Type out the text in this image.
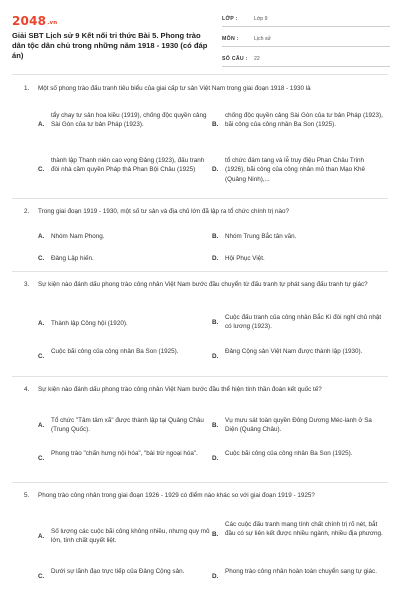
2048.vn
Giải SBT Lịch sử 9 Kết nối tri thức Bài 5. Phong trào dân tộc dân chủ trong những năm 1918 - 1930 (có đáp án)
LỚP :	Lớp 9
MÔN :	Lịch sử
SỐ CÂU :	22
1. Một số phong trào đấu tranh tiêu biểu của giai cấp tư sản Việt Nam trong giai đoạn 1918 - 1930 là
A.
tẩy chay tư sản hoa kiều (1919), chống độc quyền cảng Sài Gòn của tư bản Pháp (1923).	B.
chống độc quyền cảng Sài Gòn của tư bản Pháp (1923), bãi công của công nhân Ba Son (1925).
C.
thành lập Thanh niên cao vọng Đảng (1923), đấu tranh đòi nhà cầm quyền Pháp thả Phan Bội Châu (1925)	D.
tổ chức đám tang và lễ truy điệu Phan Châu Trinh (1926), bãi công của công nhân mỏ than Mạo Khê (Quảng Ninh),...
2. Trong giai đoạn 1919 - 1930, một số tư sản và địa chủ lớn đã lập ra tổ chức chính trị nào?
A. Nhóm Nam Phong.	B. Nhóm Trung Bắc tân văn.
C. Đảng Lập hiến.	D. Hội Phục Việt.
3. Sự kiện nào đánh dấu phong trào công nhân Việt Nam bước đầu chuyển từ đấu tranh tự phát sang đấu tranh tự giác?
A. Thành lập Công hội (1920).	B.
Cuộc đấu tranh của công nhân Bắc Kì đòi nghỉ chủ nhật có lương (1923).
C.
Cuộc bãi công của công nhân Ba Son (1925).
D.
Đảng Cộng sản Việt Nam được thành lập (1930).
4. Sự kiện nào đánh dấu phong trào công nhân Việt Nam bước đầu thể hiện tính thần đoàn kết quốc tế?
A.
Tổ chức "Tâm tâm xã" được thành lập tại Quảng Châu (Trung Quốc).
B.
Vụ mưu sát toàn quyền Đông Dương Méc-lanh ở Sa Diện (Quảng Châu).
C.
Phong trào "chấn hưng nội hóa", "bài trừ ngoại hóa".
D.
Cuộc bãi công của công nhân Ba Son (1925).
5. Phong trào công nhân trong giai đoạn 1926 - 1929 có điểm nào khác so với giai đoạn 1919 - 1925?
A.
Số lượng các cuộc bãi công không nhiều, nhưng quy mô lớn, tính chất quyết liệt.
B.
Các cuộc đấu tranh mang tính chất chính trị rõ nét, bắt đầu có sự liên kết được nhiều ngành, nhiều địa phương.
C.
Dưới sự lãnh đạo trực tiếp của Đảng Cộng sản.
D.
Phong trào công nhân hoàn toàn chuyển sang tự giác.
